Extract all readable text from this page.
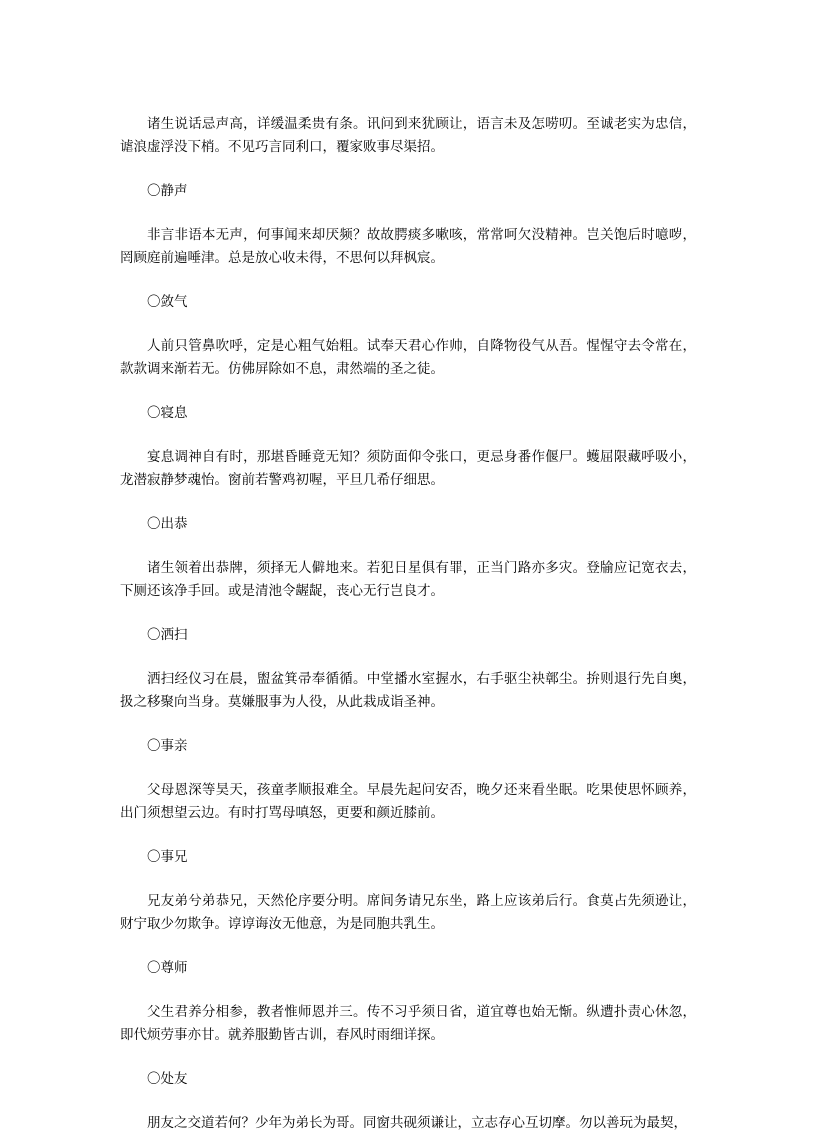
诸生说话忌声高，详缓温柔贵有条。讯问到来犹顾让，语言未及怎唠叨。至诚老实为忠信，谑浪虚浮没下梢。不见巧言同利口，覆家败事尽渠招。

〇静声

非言非语本无声，何事闻来却厌频？故故腭痰多嗽咳，常常呵欠没精神。岂关饱后时噫哕，罔顾庭前遍唾津。总是放心收未得，不思何以拜枫宸。

〇敛气

人前只管鼻吹呼，定是心粗气始粗。试奉天君心作帅，自降物役气从吾。惺惺守去令常在，款款调来渐若无。仿佛屏除如不息，肃然端的圣之徒。

〇寝息

宴息调神自有时，那堪昏睡竟无知？须防面仰令张口，更忌身番作偃尸。蠖屈限藏呼吸小，龙潜寂静梦魂怡。窗前若警鸡初喔，平旦几希仔细思。

〇出恭

诸生领着出恭牌，须择无人僻地来。若犯日星俱有罪，正当门路亦多灾。登牏应记宽衣去，下厕还该净手回。或是清池令龌龊，丧心无行岂良才。

〇洒扫

洒扫经仪习在晨，盥盆箕帚奉循循。中堂播水室握水，右手驱尘袂鄣尘。拚则退行先自奥，扱之移聚向当身。莫嫌服事为人役，从此栽成诣圣神。

〇事亲

父母恩深等昊天，孩童孝顺报难全。早晨先起问安否，晚夕还来看坐眠。吃果使思怀顾养，出门须想望云边。有时打骂母嗔怒，更要和颜近膝前。

〇事兄

兄友弟兮弟恭兄，天然伦序要分明。席间务请兄东坐，路上应该弟后行。食莫占先须逊让，财宁取少勿欺争。谆谆诲汝无他意，为是同胞共乳生。

〇尊师

父生君养分相参，教者惟师恩并三。传不习乎须日省，道宜尊也始无惭。纵遭扑责心休忽，即代烦劳事亦甘。就养服勤皆古训，春风时雨细详探。

〇处友

朋友之交道若何？少年为弟长为哥。同窗共砚须谦让，立志存心互切摩。勿以善玩为最契，
